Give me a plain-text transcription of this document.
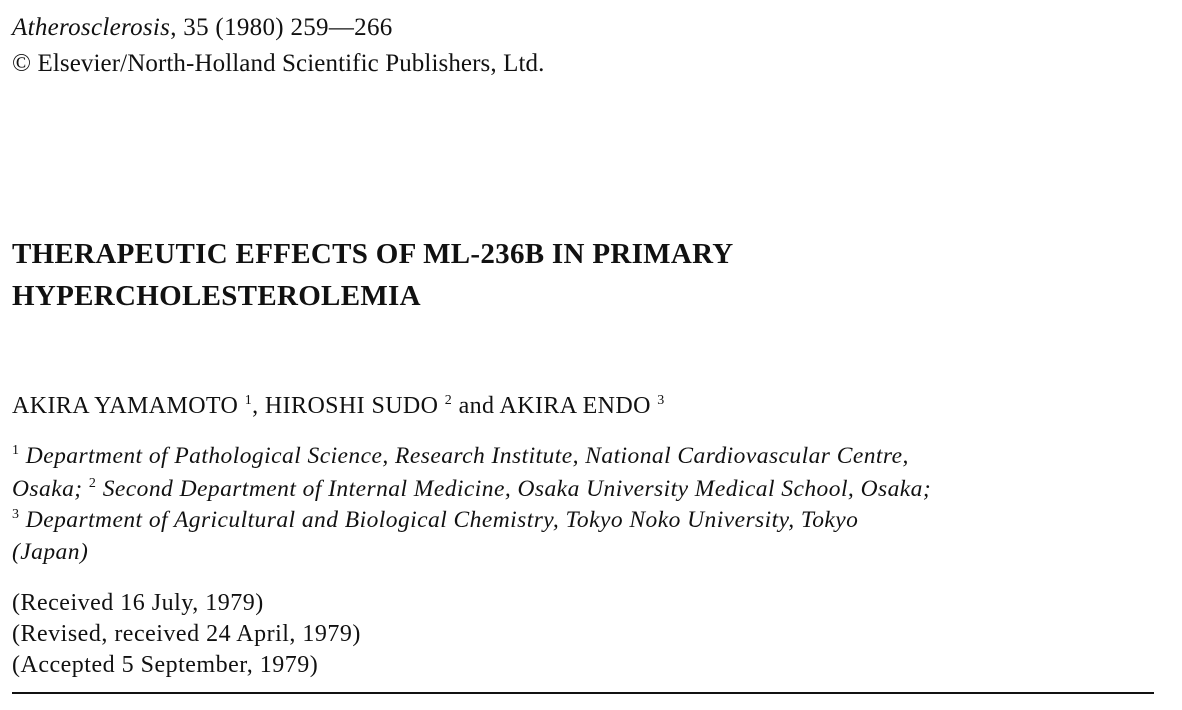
Atherosclerosis, 35 (1980) 259—266
© Elsevier/North-Holland Scientific Publishers, Ltd.
THERAPEUTIC EFFECTS OF ML-236B IN PRIMARY
HYPERCHOLESTEROLEMIA
AKIRA YAMAMOTO $^1$, HIROSHI SUDO $^2$ and AKIRA ENDO $^3$
$^1$ Department of Pathological Science, Research Institute, National Cardiovascular Centre,
Osaka; $^2$ Second Department of Internal Medicine, Osaka University Medical School, Osaka;
$^3$ Department of Agricultural and Biological Chemistry, Tokyo Noko University, Tokyo
(Japan)
(Received 16 July, 1979)
(Revised, received 24 April, 1979)
(Accepted 5 September, 1979)
